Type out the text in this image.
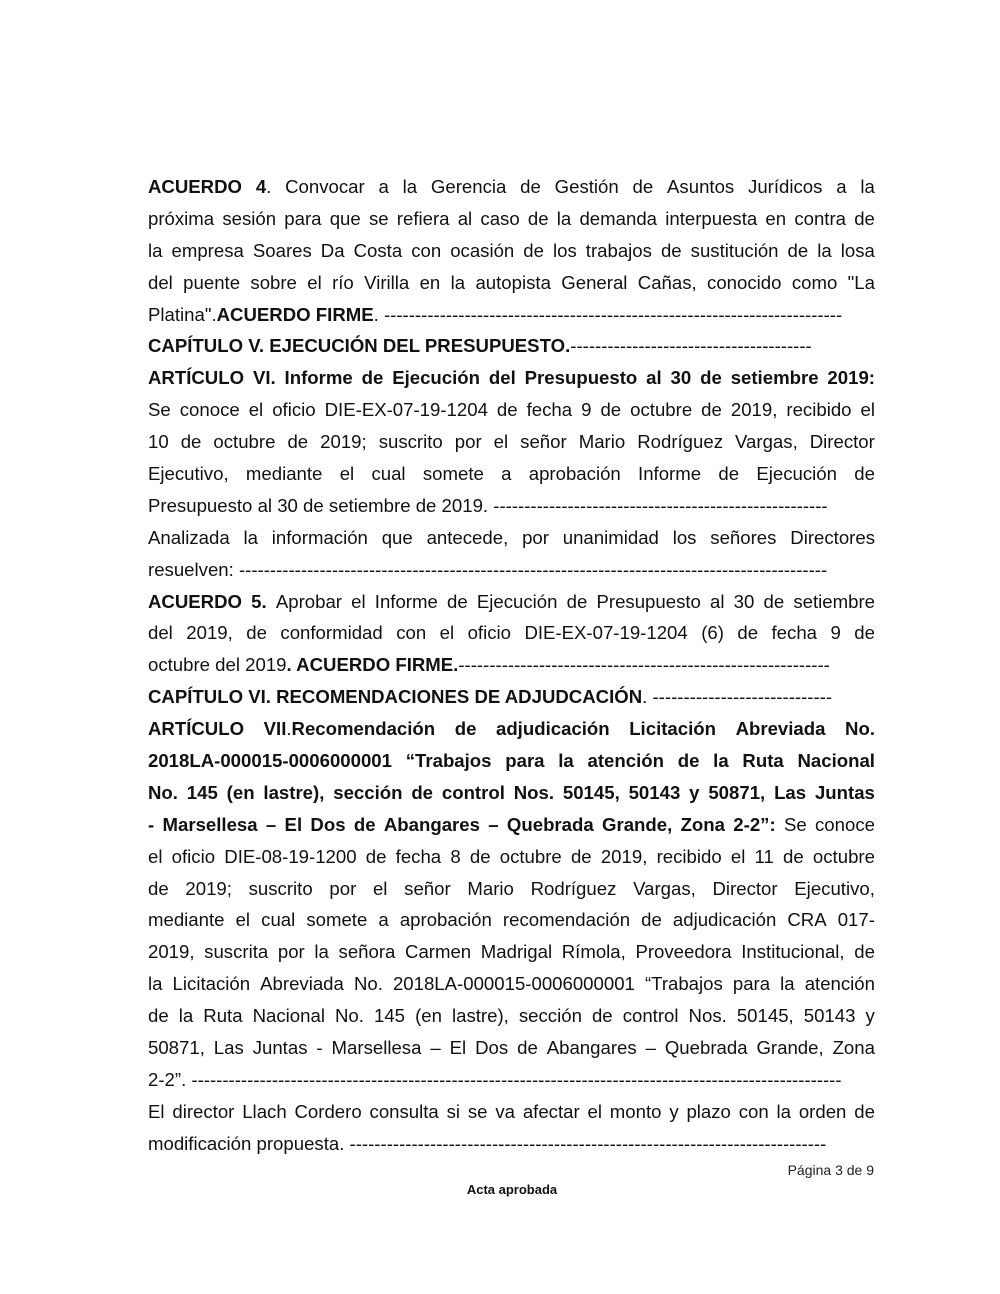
ACUERDO 4. Convocar a la Gerencia de Gestión de Asuntos Jurídicos a la
próxima sesión para que se refiera al caso de la demanda interpuesta en contra de
la empresa Soares Da Costa con ocasión de los trabajos de sustitución de la losa
del puente sobre el río Virilla en la autopista General Cañas, conocido como "La
Platina". ACUERDO FIRME . --------------------------------------------------------------------------
CAPÍTULO V. EJECUCIÓN DEL PRESUPUESTO. ---------------------------------------
ARTÍCULO VI. Informe de Ejecución del Presupuesto al 30 de setiembre 2019:
Se conoce el oficio DIE-EX-07-19-1204 de fecha 9 de octubre de 2019, recibido el
10 de octubre de 2019; suscrito por el señor Mario Rodríguez Vargas, Director
Ejecutivo, mediante el cual somete a aprobación Informe de Ejecución de
Presupuesto al 30 de setiembre de 2019. ------------------------------------------------------
Analizada la información que antecede, por unanimidad los señores Directores
resuelven: -----------------------------------------------------------------------------------------------
ACUERDO 5. Aprobar el Informe de Ejecución de Presupuesto al 30 de setiembre
del 2019, de conformidad con el oficio DIE-EX-07-19-1204 (6) de fecha 9 de
octubre del 2019 . ACUERDO FIRME. ------------------------------------------------------------
CAPÍTULO VI. RECOMENDACIONES DE ADJUDCACIÓN . -----------------------------
ARTÍCULO VII.Recomendación de adjudicación Licitación Abreviada No.
2018LA-000015-0006000001 “Trabajos para la atención de la Ruta Nacional
No. 145 (en lastre), sección de control Nos. 50145, 50143 y 50871, Las Juntas
- Marsellesa – El Dos de Abangares – Quebrada Grande, Zona 2-2”: Se conoce
el oficio DIE-08-19-1200 de fecha 8 de octubre de 2019, recibido el 11 de octubre
de 2019; suscrito por el señor Mario Rodríguez Vargas, Director Ejecutivo,
mediante el cual somete a aprobación recomendación de adjudicación CRA 017-
2019, suscrita por la señora Carmen Madrigal Rímola, Proveedora Institucional, de
la Licitación Abreviada No. 2018LA-000015-0006000001 “Trabajos para la atención
de la Ruta Nacional No. 145 (en lastre), sección de control Nos. 50145, 50143 y
50871, Las Juntas - Marsellesa – El Dos de Abangares – Quebrada Grande, Zona
2-2”. ---------------------------------------------------------------------------------------------------------
El director Llach Cordero consulta si se va afectar el monto y plazo con la orden de
modificación propuesta. -----------------------------------------------------------------------------
Página 3 de 9
Acta aprobada
